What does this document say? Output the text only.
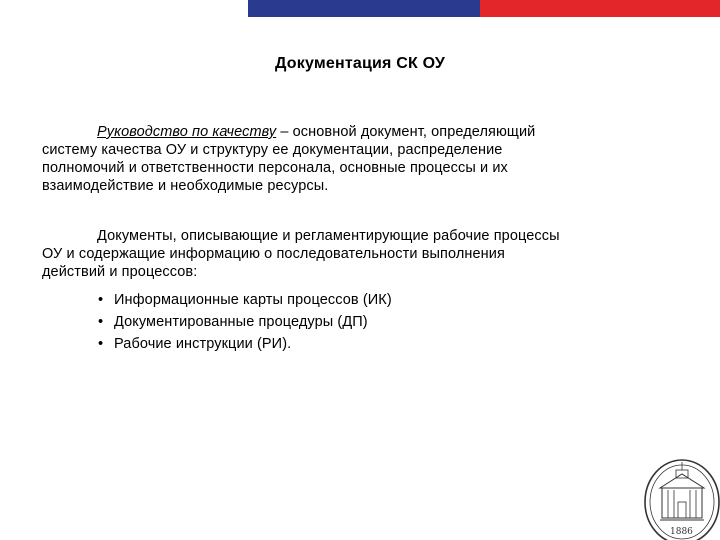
Документация СК ОУ
Руководство по качеству – основной документ, определяющий
систему качества ОУ и структуру ее документации, распределение
полномочий и ответственности персонала, основные процессы и их
взаимодействие и необходимые ресурсы.
Документы, описывающие и регламентирующие рабочие процессы
ОУ и содержащие информацию о последовательности выполнения
действий и процессов:
• Информационные карты процессов (ИК)
• Документированные процедуры (ДП)
• Рабочие инструкции (РИ).
1886
